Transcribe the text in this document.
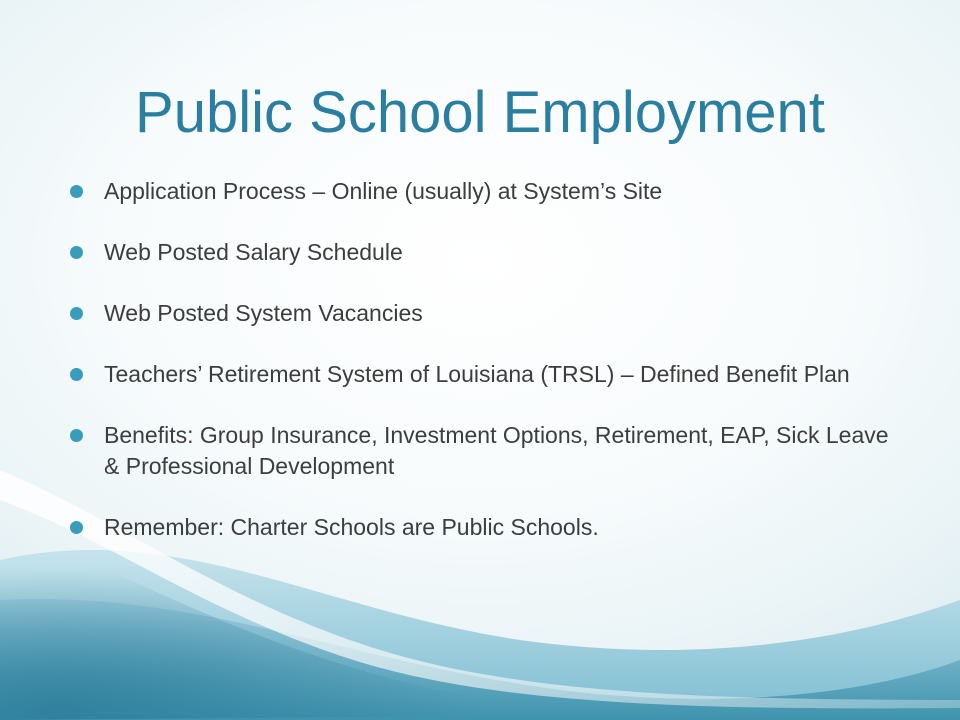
Public School Employment
Application Process – Online (usually) at System’s Site
Web Posted Salary Schedule
Web Posted System Vacancies
Teachers’ Retirement System of Louisiana (TRSL) – Defined Benefit Plan
Benefits: Group Insurance, Investment Options, Retirement, EAP, Sick Leave & Professional Development
Remember: Charter Schools are Public Schools.
